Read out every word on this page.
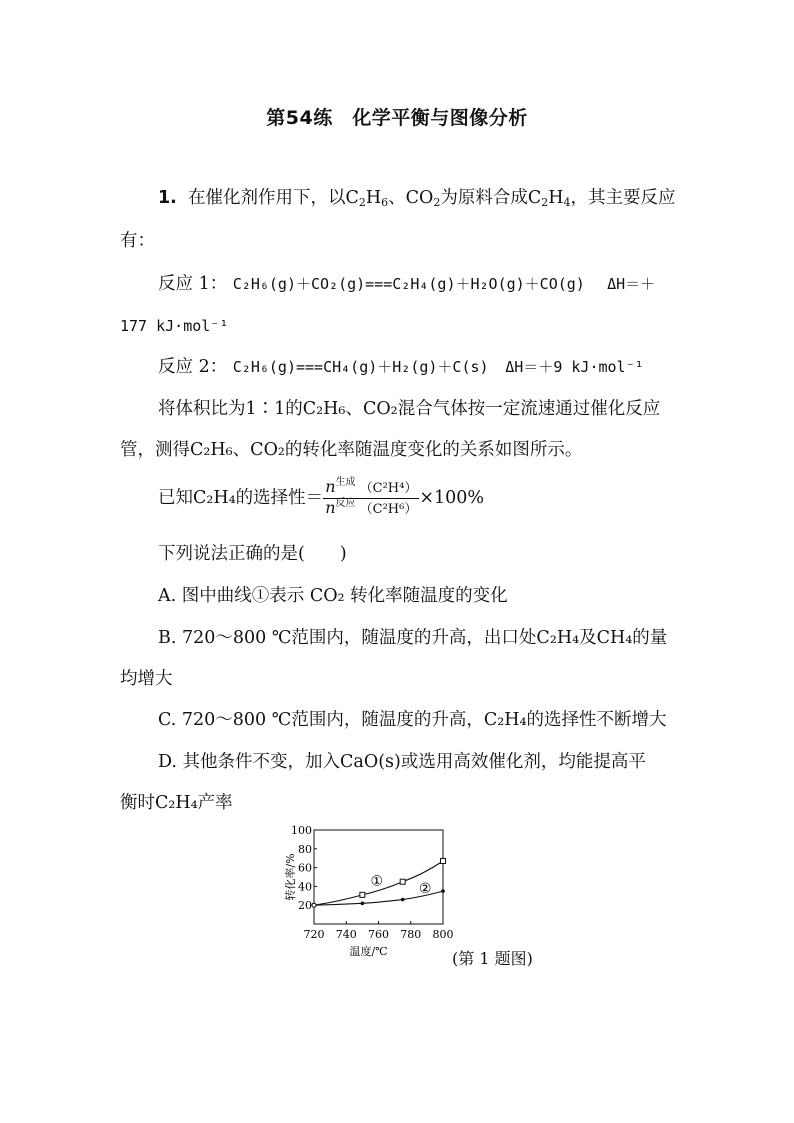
第54练　化学平衡与图像分析
1. 在催化剂作用下，以$C_2H_6$、$CO_2$为原料合成$C_2H_4$，其主要反应
有：
反应 1： C₂H₆(g)＋CO₂(g)===C₂H₄(g)＋H₂O(g)＋CO(g) ΔH＝＋
177 kJ·mol⁻¹
反应 2： C₂H₆(g)===CH₄(g)＋H₂(g)＋C(s) ΔH＝＋9 kJ·mol⁻¹
将体积比为1∶1的C₂H₆、CO₂混合气体按一定流速通过催化反应
管，测得C₂H₆、CO₂的转化率随温度变化的关系如图所示。
已知C₂H₄的选择性＝ $\frac{n^{生成} (C^2H^4)}{n^{反应} (C^2H^6)} \times 100\%$
下列说法正确的是(　　)
A. 图中曲线①表示 CO₂ 转化率随温度的变化
B. 720～800 ℃范围内，随温度的升高，出口处C₂H₄及CH₄的量
均增大
C. 720～800 ℃范围内，随温度的升高，C₂H₄的选择性不断增大
D. 其他条件不变，加入CaO(s)或选用高效催化剂，均能提高平
衡时C₂H₄产率
20
40
60
80
100
720 740 760 780 800
转化率/%
温度/℃
①	②
(第 1 题图)
